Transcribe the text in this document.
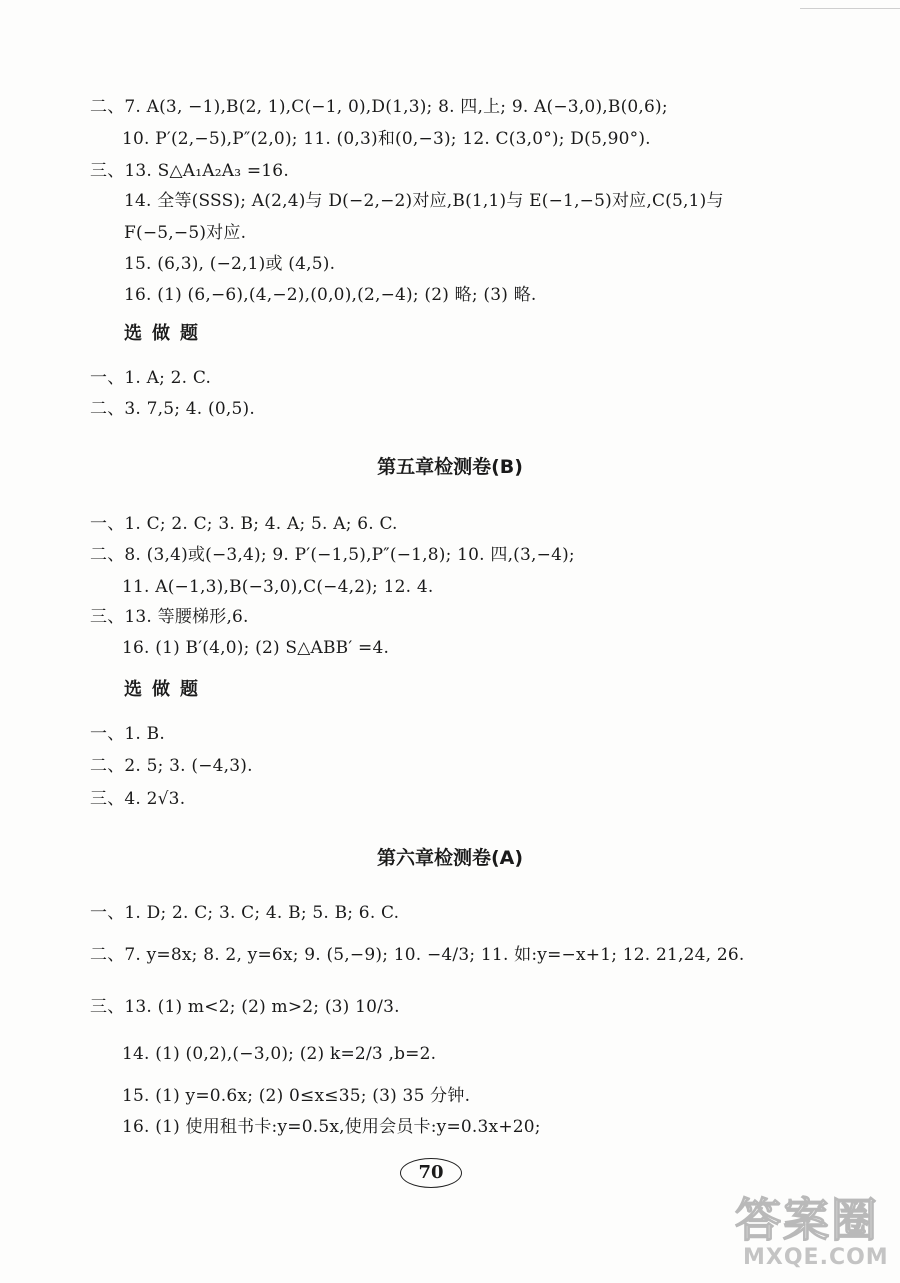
二、7. A(3, −1),B(2, 1),C(−1, 0),D(1,3); 8. 四,上; 9. A(−3,0),B(0,6);
10. P′(2,−5),P″(2,0); 11. (0,3)和(0,−3); 12. C(3,0°); D(5,90°).
三、13. S△A₁A₂A₃ =16.
14. 全等(SSS); A(2,4)与 D(−2,−2)对应,B(1,1)与 E(−1,−5)对应,C(5,1)与
F(−5,−5)对应.
15. (6,3), (−2,1)或 (4,5).
16. (1) (6,−6),(4,−2),(0,0),(2,−4); (2) 略; (3) 略.
选做题
一、1. A; 2. C.
二、3. 7,5; 4. (0,5).
第五章检测卷(B)
一、1. C; 2. C; 3. B; 4. A; 5. A; 6. C.
二、8. (3,4)或(−3,4); 9. P′(−1,5),P″(−1,8); 10. 四,(3,−4);
11. A(−1,3),B(−3,0),C(−4,2); 12. 4.
三、13. 等腰梯形,6.
16. (1) B′(4,0); (2) S△ABB′ =4.
选做题
一、1. B.
二、2. 5; 3. (−4,3).
三、4. 2√3.
第六章检测卷(A)
一、1. D; 2. C; 3. C; 4. B; 5. B; 6. C.
二、7. y=8x; 8. 2, y=6x; 9. (5,−9); 10. −4/3; 11. 如:y=−x+1; 12. 21,24, 26.
三、13. (1) m<2; (2) m>2; (3) 10/3.
14. (1) (0,2),(−3,0); (2) k=2/3 ,b=2.
15. (1) y=0.6x; (2) 0≤x≤35; (3) 35 分钟.
16. (1) 使用租书卡:y=0.5x,使用会员卡:y=0.3x+20;
70
答案圈
MXQE.COM
